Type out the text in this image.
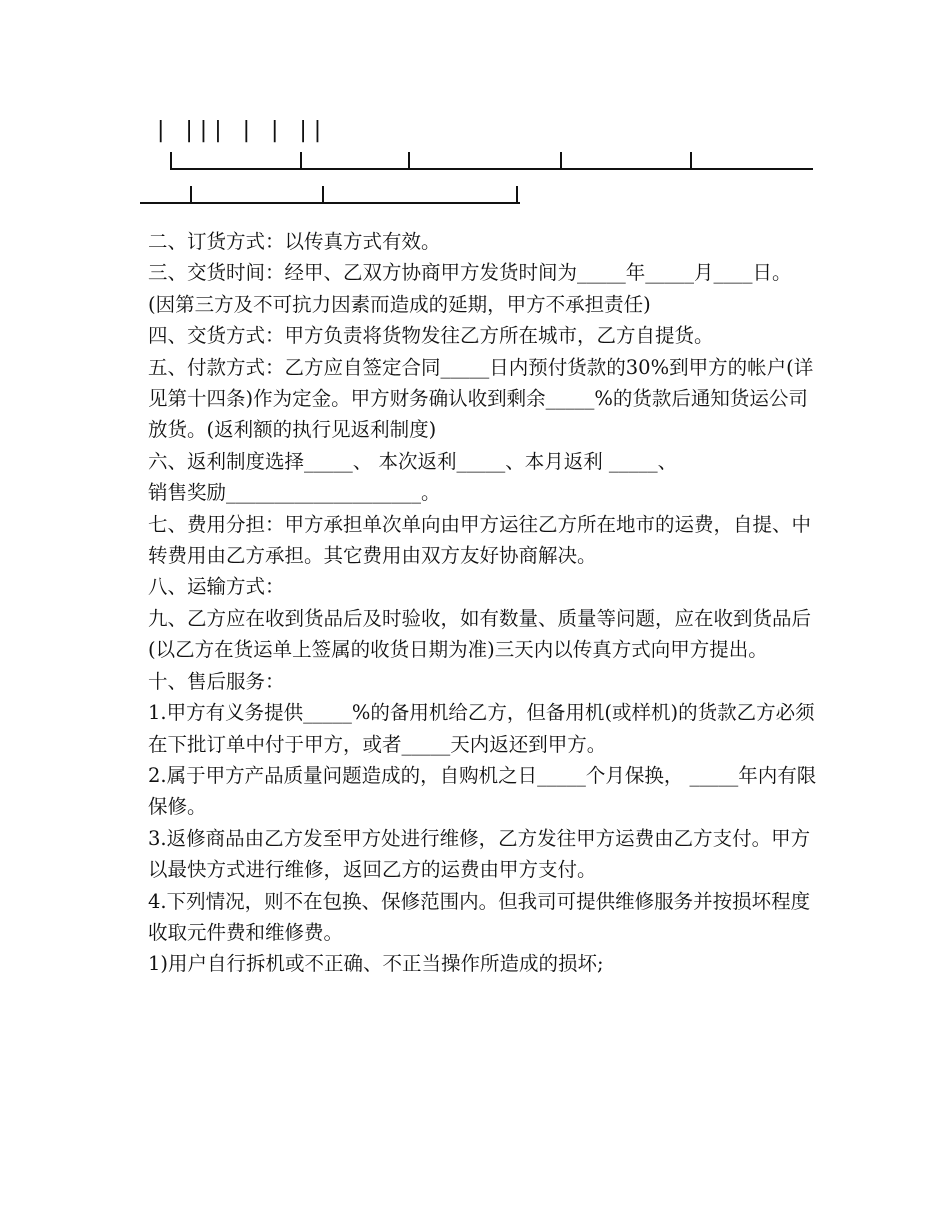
|   | | |   |   |   | |

二、订货方式：以传真方式有效。

三、交货时间：经甲、乙双方协商甲方发货时间为_____年_____月____日。(因第三方及不可抗力因素而造成的延期，甲方不承担责任)

四、交货方式：甲方负责将货物发往乙方所在城市，乙方自提货。

五、付款方式：乙方应自签定合同_____日内预付货款的30%到甲方的帐户(详见第十四条)作为定金。甲方财务确认收到剩余_____%的货款后通知货运公司放货。(返利额的执行见返利制度)

六、返利制度选择_____、 本次返利_____、本月返利 _____、

销售奖励____________________。

七、费用分担：甲方承担单次单向由甲方运往乙方所在地市的运费，自提、中转费用由乙方承担。其它费用由双方友好协商解决。

八、运输方式：

九、乙方应在收到货品后及时验收，如有数量、质量等问题，应在收到货品后(以乙方在货运单上签属的收货日期为准)三天内以传真方式向甲方提出。

十、售后服务：

1.甲方有义务提供_____%的备用机给乙方，但备用机(或样机)的货款乙方必须在下批订单中付于甲方，或者_____天内返还到甲方。

2.属于甲方产品质量问题造成的，自购机之日_____个月保换， _____年内有限保修。

3.返修商品由乙方发至甲方处进行维修，乙方发往甲方运费由乙方支付。甲方以最快方式进行维修，返回乙方的运费由甲方支付。

4.下列情况，则不在包换、保修范围内。但我司可提供维修服务并按损坏程度收取元件费和维修费。

1)用户自行拆机或不正确、不正当操作所造成的损坏;
